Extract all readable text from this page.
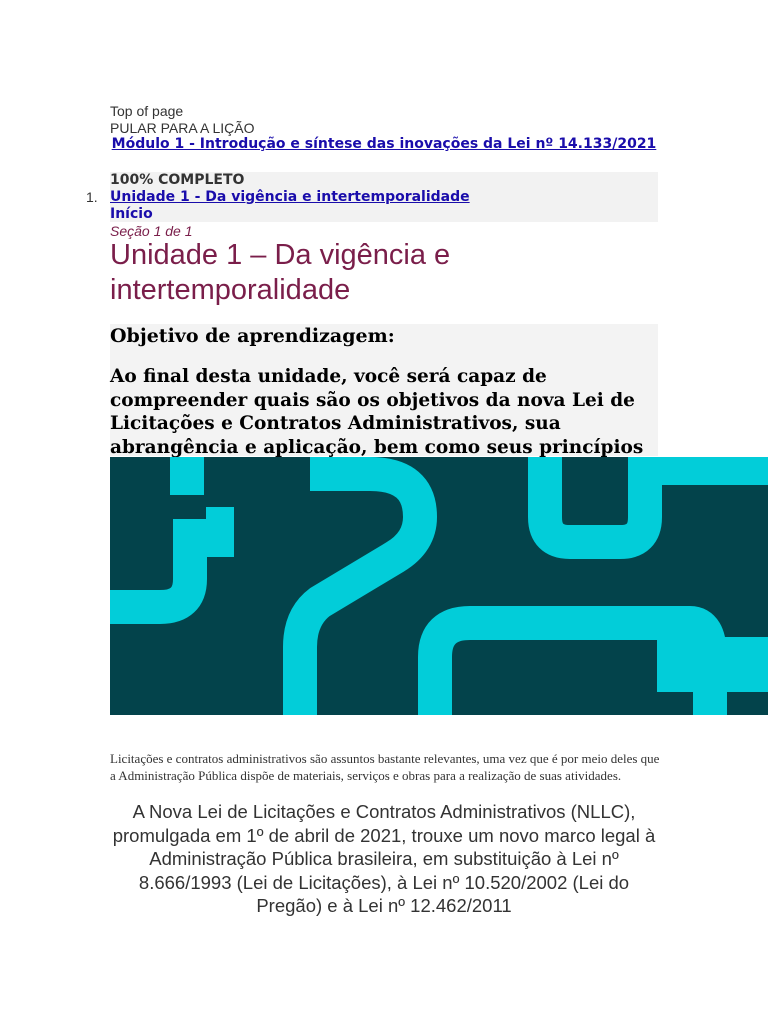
Top of page
PULAR PARA A LIÇÃO
Módulo 1 - Introdução e síntese das inovações da Lei nº 14.133/2021
100% COMPLETO
1. Unidade 1 - Da vigência e intertemporalidade
Início
Seção 1 de 1
Unidade 1 – Da vigência e intertemporalidade
Objetivo de aprendizagem:
Ao final desta unidade, você será capaz de compreender quais são os objetivos da nova Lei de Licitações e Contratos Administrativos, sua abrangência e aplicação, bem como seus princípios
Licitações e contratos administrativos são assuntos bastante relevantes, uma vez que é por meio deles que a Administração Pública dispõe de materiais, serviços e obras para a realização de suas atividades.
A Nova Lei de Licitações e Contratos Administrativos (NLLC), promulgada em 1º de abril de 2021, trouxe um novo marco legal à Administração Pública brasileira, em substituição à Lei nº 8.666/1993 (Lei de Licitações), à Lei nº 10.520/2002 (Lei do Pregão) e à Lei nº 12.462/2011
